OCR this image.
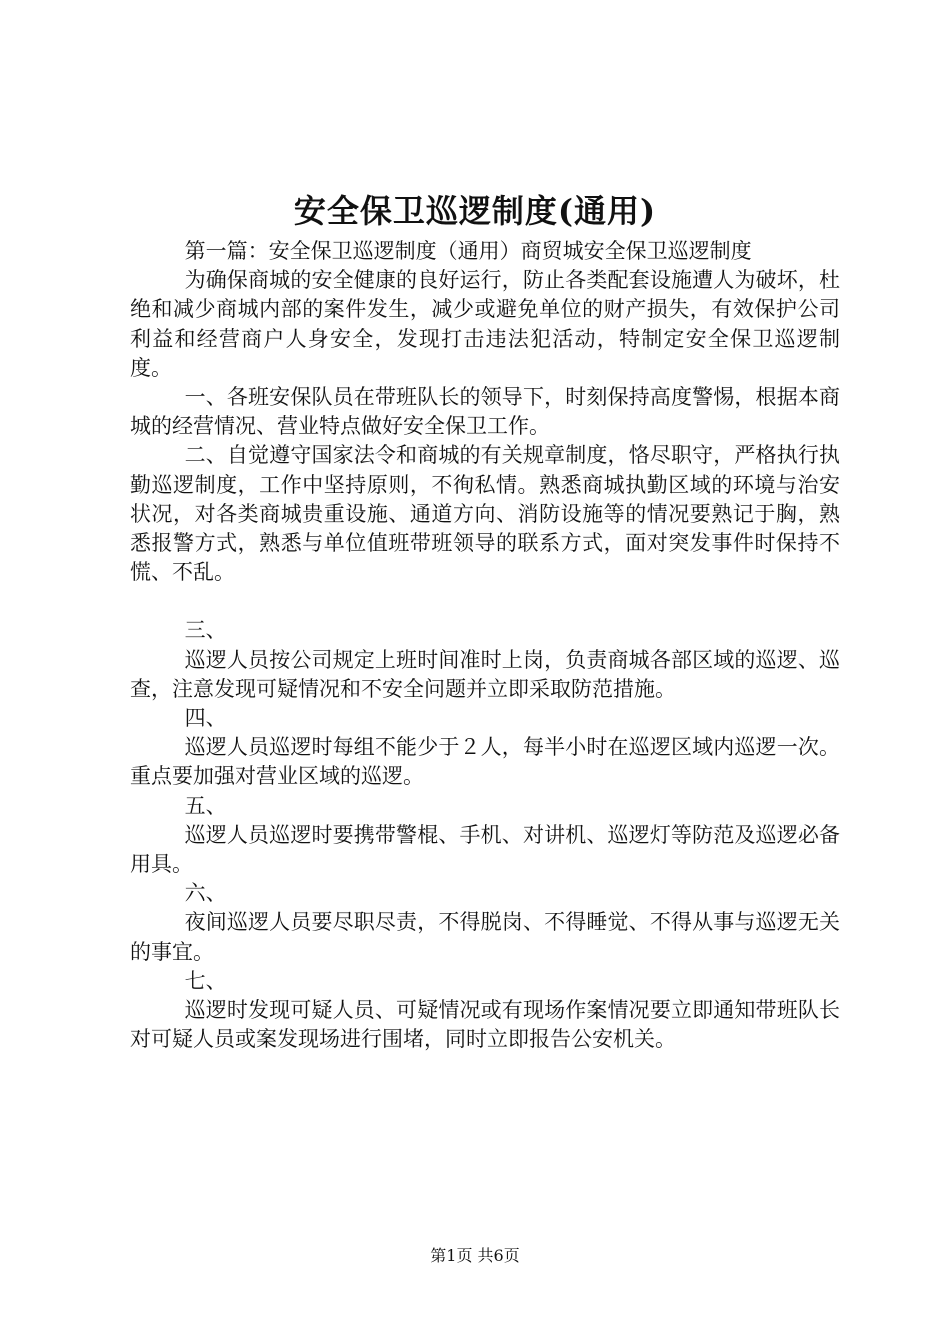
安全保卫巡逻制度(通用)

第一篇：安全保卫巡逻制度（通用）商贸城安全保卫巡逻制度

为确保商城的安全健康的良好运行，防止各类配套设施遭人为破坏，杜绝和减少商城内部的案件发生，减少或避免单位的财产损失，有效保护公司利益和经营商户人身安全，发现打击违法犯活动，特制定安全保卫巡逻制度。

一、各班安保队员在带班队长的领导下，时刻保持高度警惕，根据本商城的经营情况、营业特点做好安全保卫工作。

二、自觉遵守国家法令和商城的有关规章制度，恪尽职守，严格执行执勤巡逻制度，工作中坚持原则，不徇私情。熟悉商城执勤区域的环境与治安状况，对各类商城贵重设施、通道方向、消防设施等的情况要熟记于胸，熟悉报警方式，熟悉与单位值班带班领导的联系方式，面对突发事件时保持不慌、不乱。

三、

巡逻人员按公司规定上班时间准时上岗，负责商城各部区域的巡逻、巡查，注意发现可疑情况和不安全问题并立即采取防范措施。

四、

巡逻人员巡逻时每组不能少于２人，每半小时在巡逻区域内巡逻一次。重点要加强对营业区域的巡逻。

五、

巡逻人员巡逻时要携带警棍、手机、对讲机、巡逻灯等防范及巡逻必备用具。

六、

夜间巡逻人员要尽职尽责，不得脱岗、不得睡觉、不得从事与巡逻无关的事宜。

七、

巡逻时发现可疑人员、可疑情况或有现场作案情况要立即通知带班队长对可疑人员或案发现场进行围堵，同时立即报告公安机关。

第1页 共6页
